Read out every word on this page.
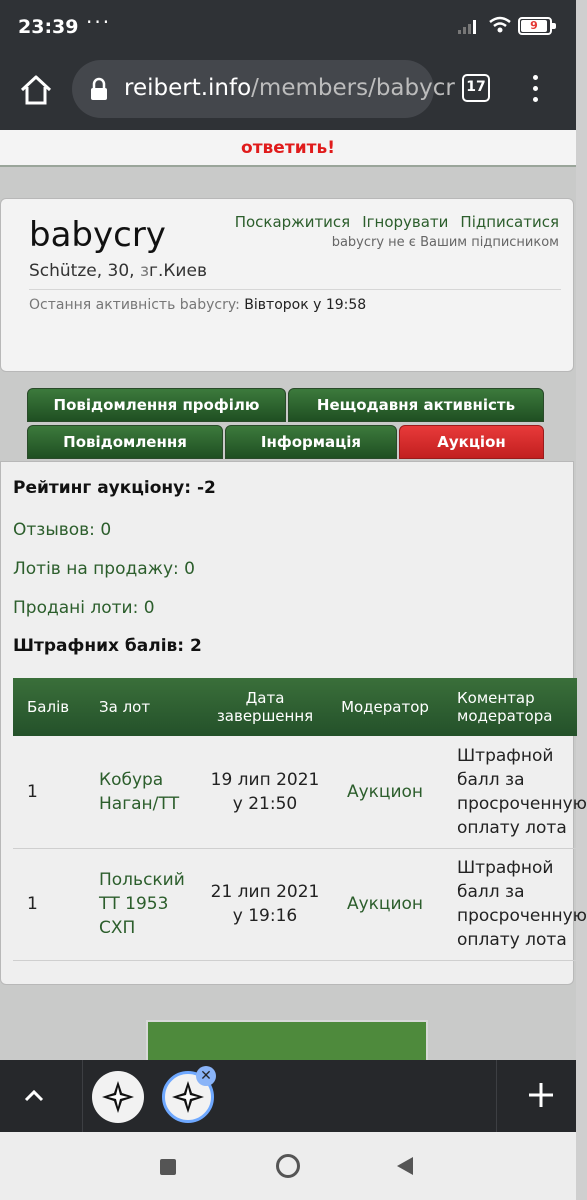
23:39 ···	9
reibert.info/members/babycr 17
ответить!
babycry
Schütze, 30, зг.Киев
Поскаржитися Ігнорувати Підписатися
babycry не є Вашим підписником
Остання активність babycry: Вівторок у 19:58
Повідомлення профілю	Нещодавня активність
Повідомлення	Інформація	Аукціон
Рейтинг аукціону: -2
Отзывов: 0
Лотів на продажу: 0
Продані лоти: 0
Штрафних балів: 2
Балів	За лот	Дата завершення	Модератор	Коментар модератора
1	Кобура Наган/ТТ	19 лип 2021 у 21:50	Аукцион	Штрафной
балл за
просроченную
оплату лота

1	Польский ТТ 1953 СХП	21 лип 2021 у 19:16	Аукцион	Штрафной
балл за
просроченную
оплату лота
✕
